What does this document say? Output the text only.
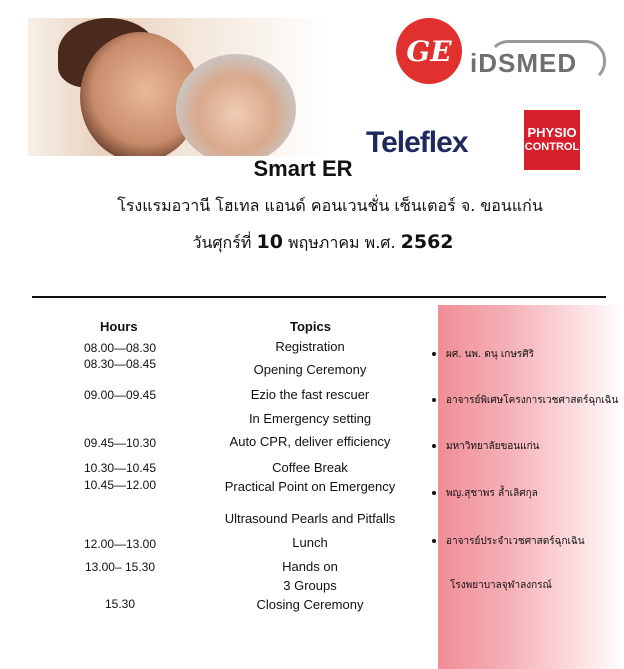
GE iDSMED
Teleflex	PHYSIO
CONTROL
Smart ER
โรงแรมอวานี โฮเทล แอนด์ คอนเวนชั่น เซ็นเตอร์ จ. ขอนแก่น
วันศุกร์ที่ 10 พฤษภาคม พ.ศ. 2562
Hours	Topics
08.00—08.30
08.30—08.45
09.00—09.45
09.45—10.30
10.30—10.45
10.45—12.00
12.00—13.00
13.00– 15.30
15.30
Registration
Opening Ceremony
Ezio the fast rescuer
In Emergency setting
Auto CPR, deliver efficiency
Coffee Break
Practical Point on Emergency
Ultrasound Pearls and Pitfalls
Lunch
Hands on
3 Groups
Closing Ceremony
ผศ. นพ. ดนุ เกษรศิริ
อาจารย์พิเศษโครงการเวชศาสตร์ฉุกเฉิน
มหาวิทยาลัยขอนแก่น
พญ.สุชาพร ลํ้าเลิศกุล
อาจารย์ประจำเวชศาสตร์ฉุกเฉิน
โรงพยาบาลจุฬาลงกรณ์
